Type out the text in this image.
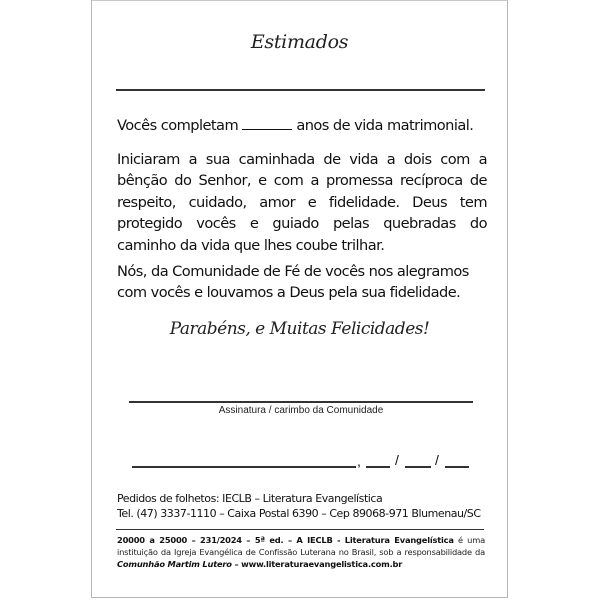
Estimados
Vocês completam	anos de vida matrimonial.
Iniciaram a sua caminhada de vida a dois com a bênção do Senhor, e com a promessa recíproca de respeito, cuidado, amor e fidelidade. Deus tem protegido vocês e guiado pelas quebradas do caminho da vida que lhes coube trilhar.
Nós, da Comunidade de Fé de vocês nos alegramos com vocês e louvamos a Deus pela sua fidelidade.
Parabéns, e Muitas Felicidades!
Assinatura / carimbo da Comunidade
, /	/
Pedidos de folhetos: IECLB – Literatura Evangelística
Tel. (47) 3337-1110 – Caixa Postal 6390 – Cep 89068-971 Blumenau/SC
20000 a 25000 – 231/2024 – 5ª ed. – A IECLB - Literatura Evangelística é uma instituição da Igreja Evangélica de Confissão Luterana no Brasil, sob a responsabilidade da Comunhão Martim Lutero – www.literaturaevangelistica.com.br
